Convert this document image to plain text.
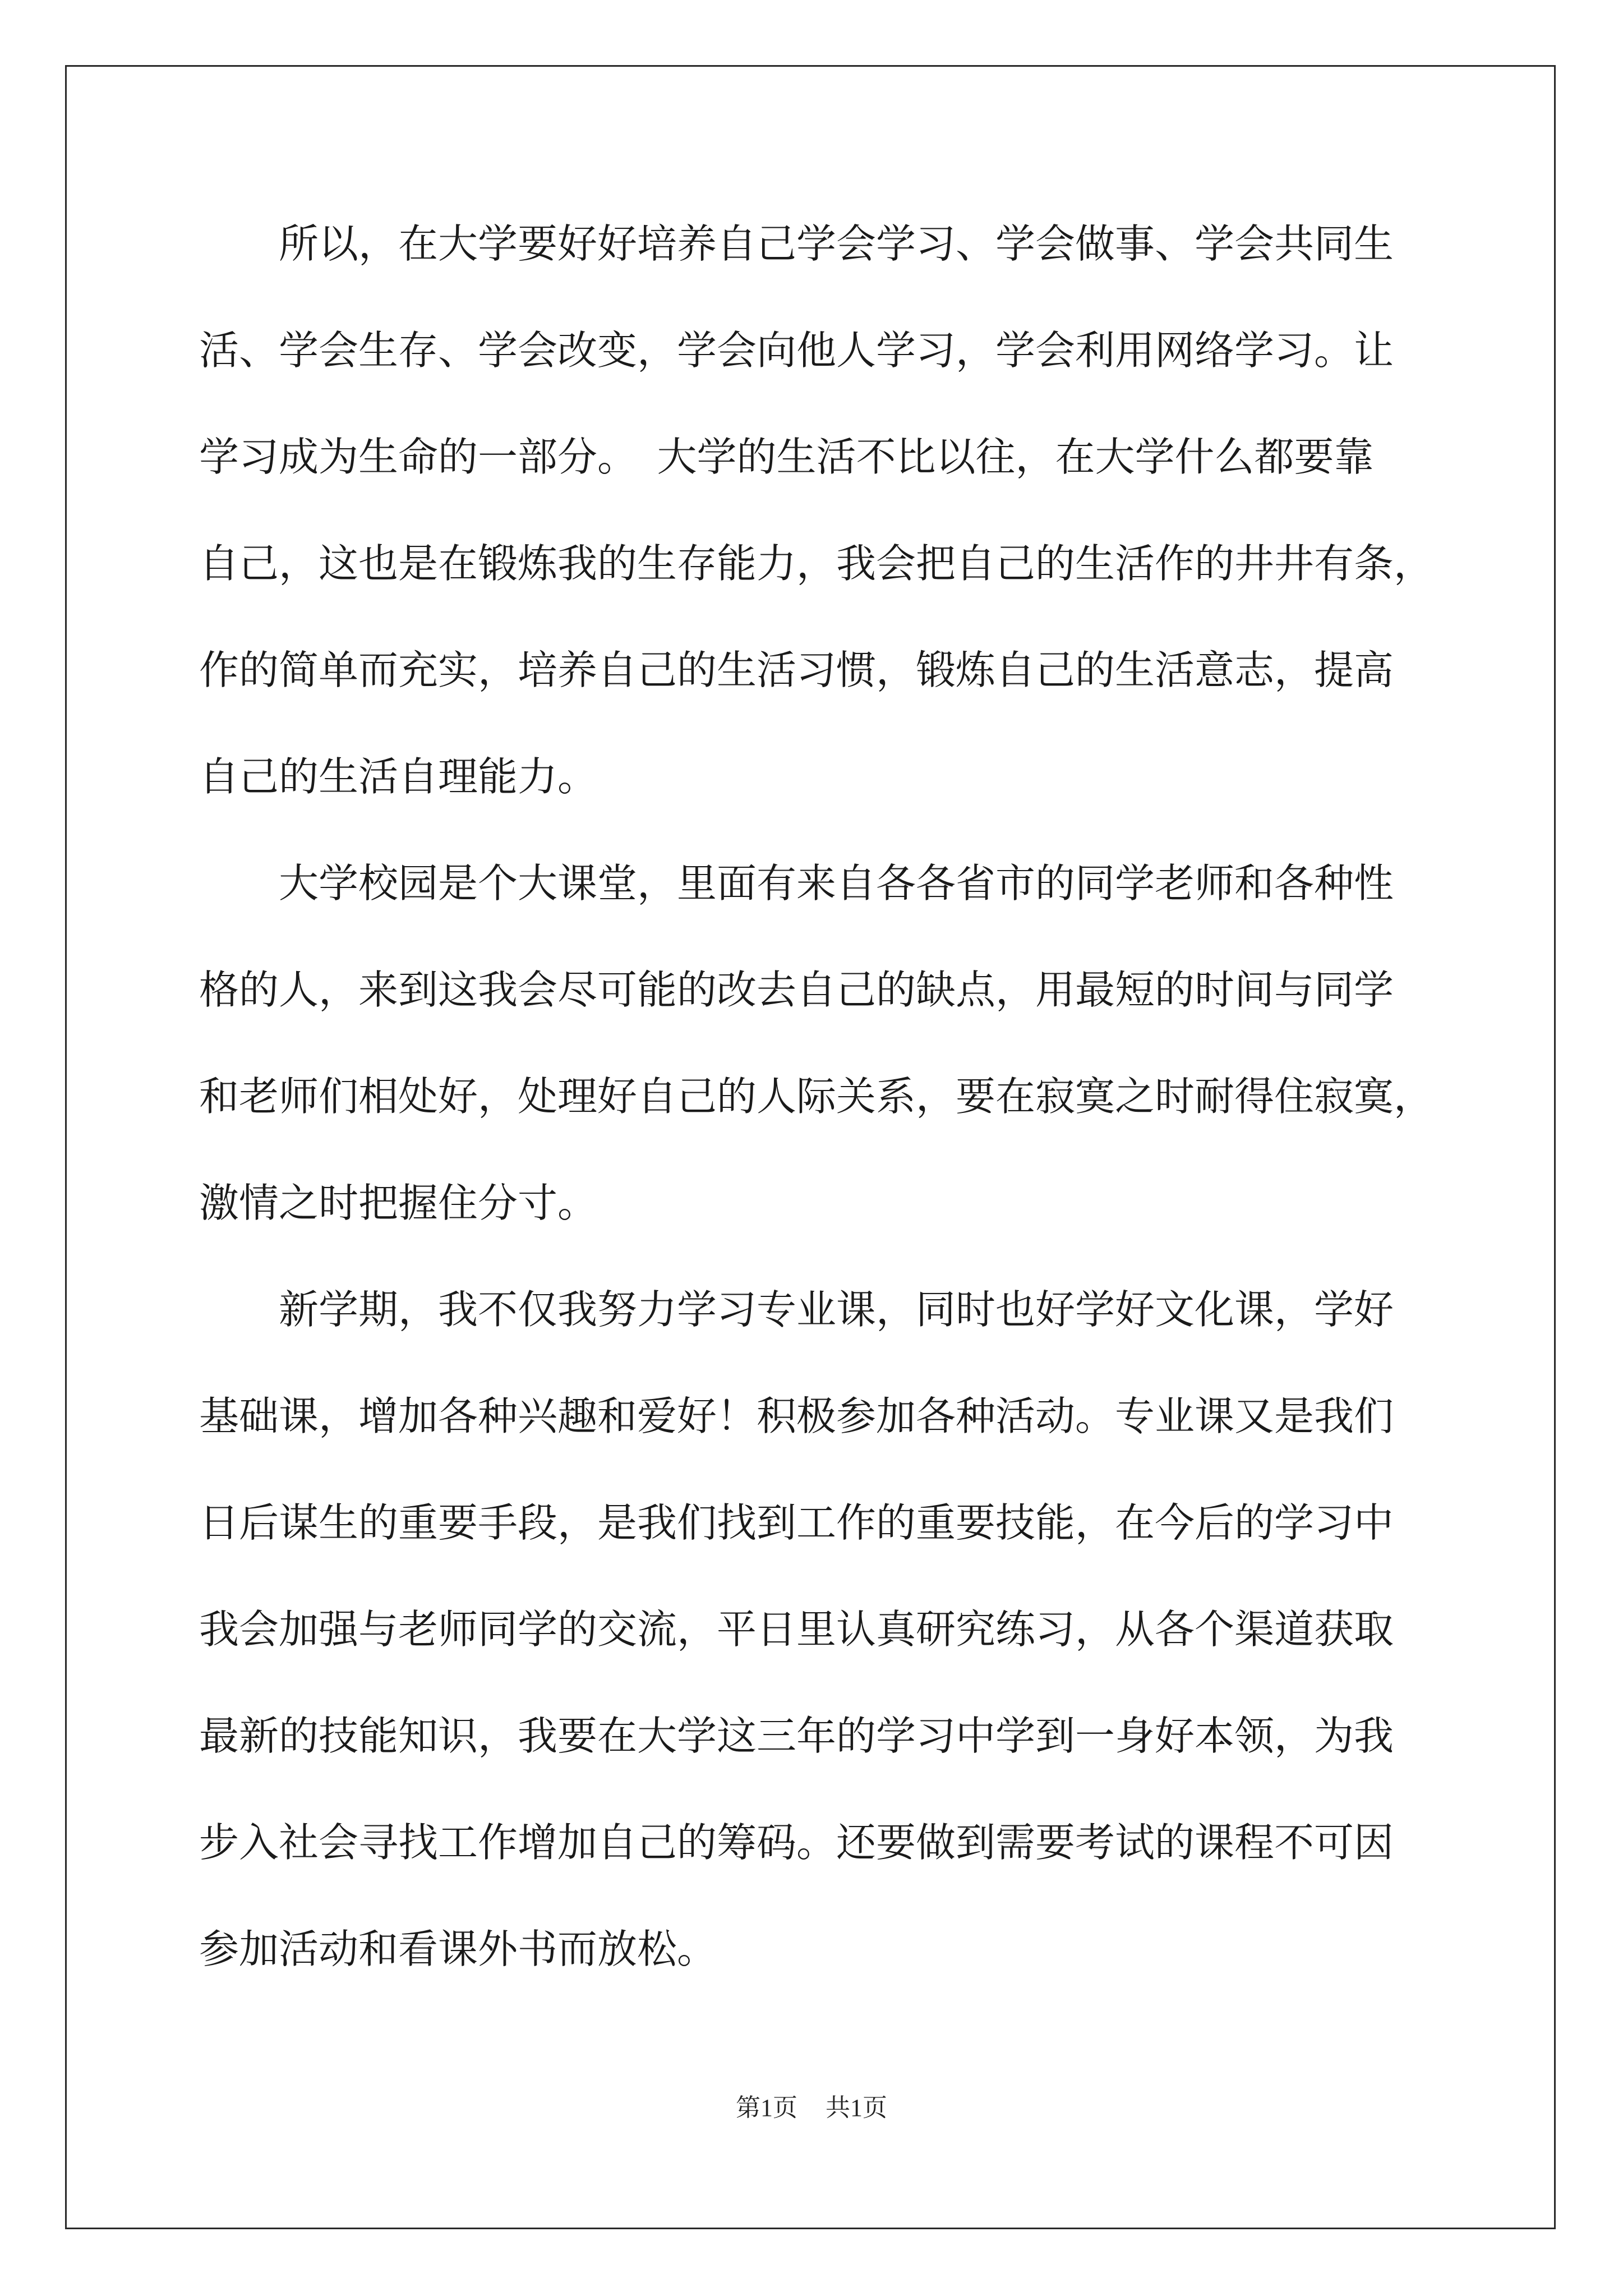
所以，在大学要好好培养自己学会学习、学会做事、学会共同生
活、学会生存、学会改变，学会向他人学习，学会利用网络学习。让
学习成为生命的一部分。　大学的生活不比以往，在大学什么都要靠
自己，这也是在锻炼我的生存能力，我会把自己的生活作的井井有条，
作的简单而充实，培养自己的生活习惯，锻炼自己的生活意志，提高
自己的生活自理能力。
大学校园是个大课堂，里面有来自各各省市的同学老师和各种性
格的人，来到这我会尽可能的改去自己的缺点，用最短的时间与同学
和老师们相处好，处理好自己的人际关系，要在寂寞之时耐得住寂寞，
激情之时把握住分寸。
新学期，我不仅我努力学习专业课，同时也好学好文化课，学好
基础课，增加各种兴趣和爱好！积极参加各种活动。专业课又是我们
日后谋生的重要手段，是我们找到工作的重要技能，在今后的学习中
我会加强与老师同学的交流，平日里认真研究练习，从各个渠道获取
最新的技能知识，我要在大学这三年的学习中学到一身好本领，为我
步入社会寻找工作增加自己的筹码。还要做到需要考试的课程不可因
参加活动和看课外书而放松。
第1页 共1页
